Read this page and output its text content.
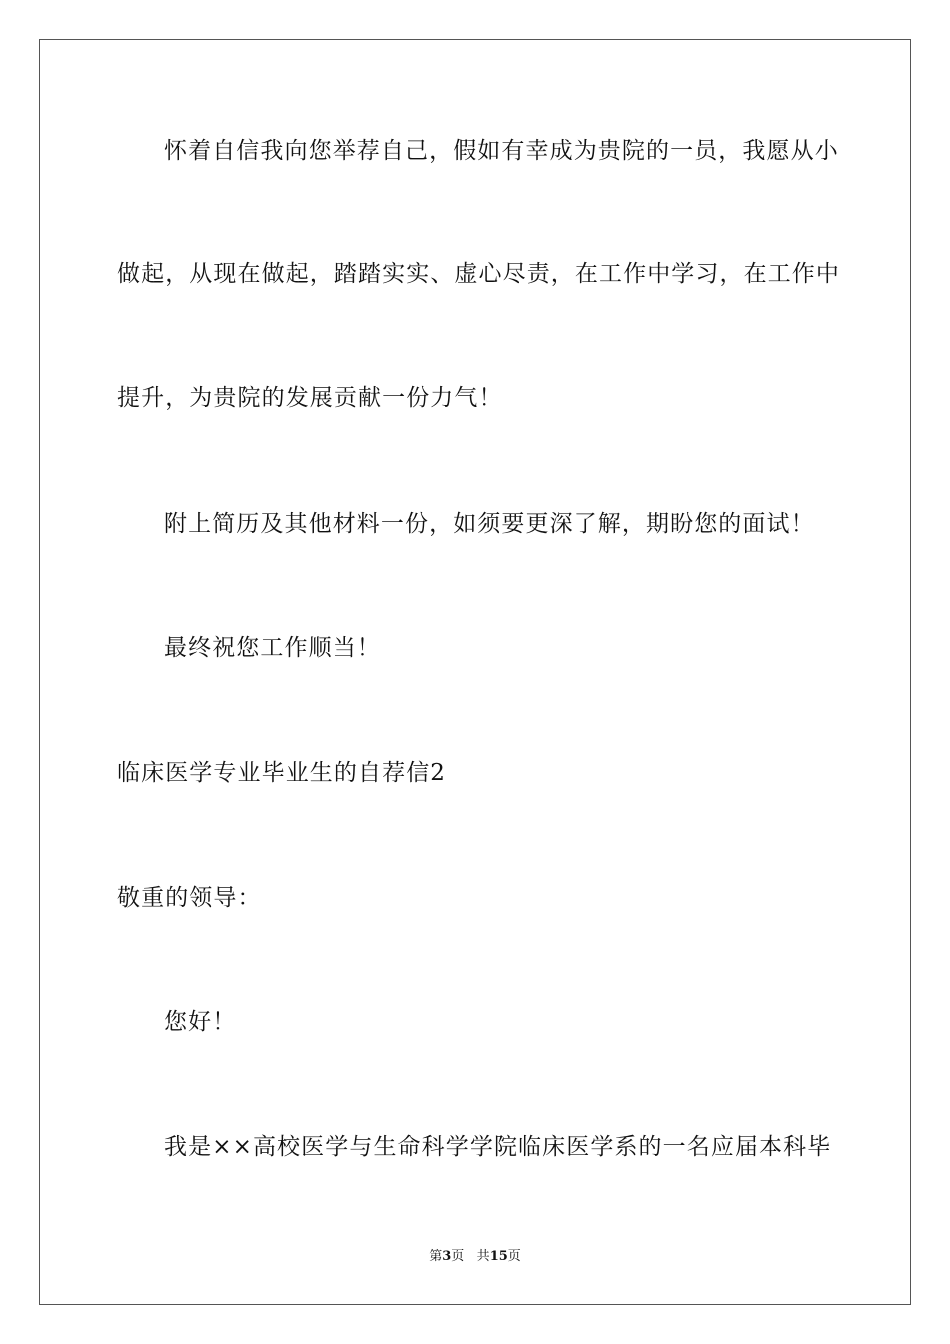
怀着自信我向您举荐自己，假如有幸成为贵院的一员，我愿从小
做起，从现在做起，踏踏实实、虚心尽责，在工作中学习，在工作中
提升，为贵院的发展贡献一份力气！
附上简历及其他材料一份，如须要更深了解，期盼您的面试！
最终祝您工作顺当！
临床医学专业毕业生的自荐信2
敬重的领导：
您好！
我是××高校医学与生命科学学院临床医学系的一名应届本科毕
第3页 共15页
